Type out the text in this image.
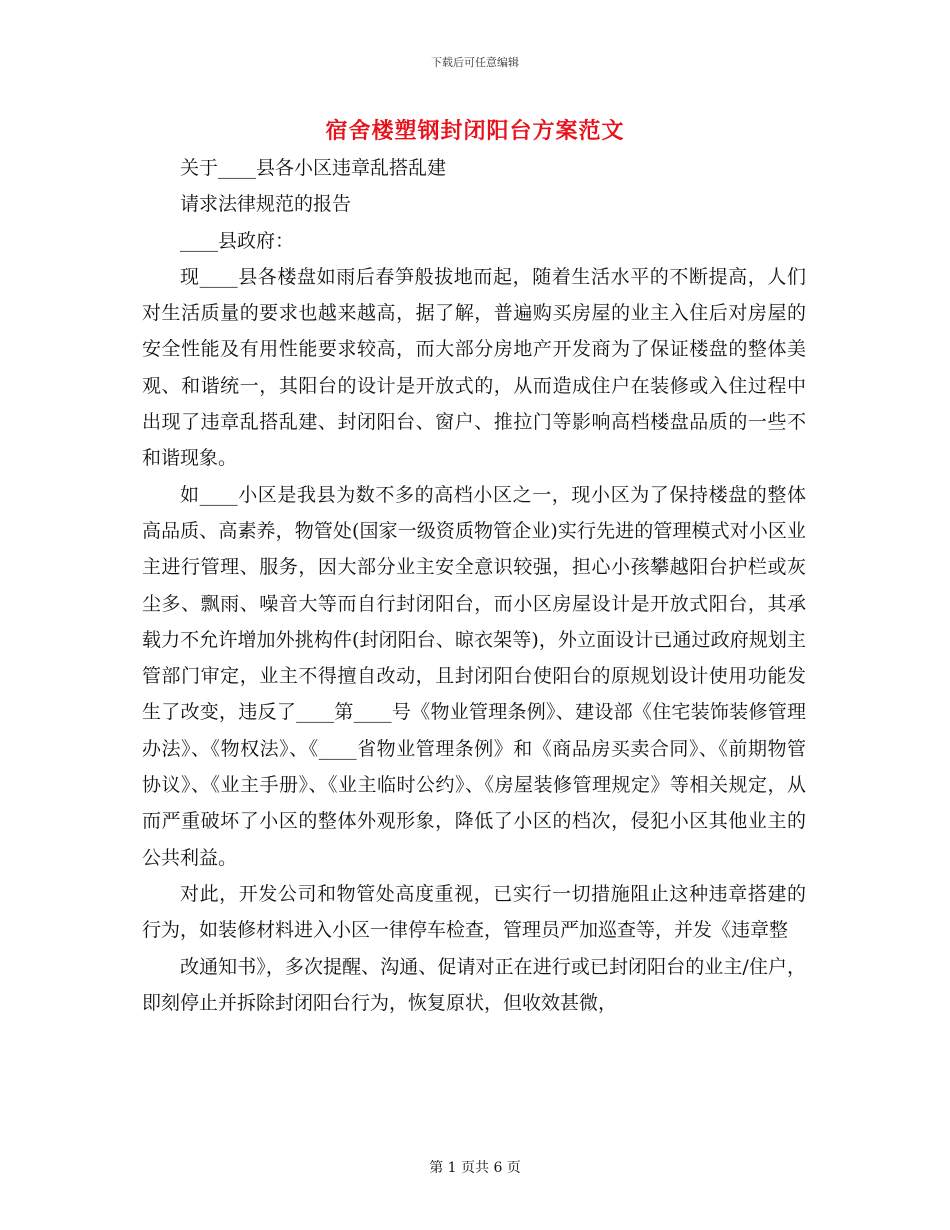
下载后可任意编辑
宿舍楼塑钢封闭阳台方案范文

关于____县各小区违章乱搭乱建

请求法律规范的报告

____县政府：

现____县各楼盘如雨后春笋般拔地而起，随着生活水平的不断提高，人们对生活质量的要求也越来越高，据了解，普遍购买房屋的业主入住后对房屋的安全性能及有用性能要求较高，而大部分房地产开发商为了保证楼盘的整体美观、和谐统一，其阳台的设计是开放式的，从而造成住户在装修或入住过程中出现了违章乱搭乱建、封闭阳台、窗户、推拉门等影响高档楼盘品质的一些不和谐现象。

如____小区是我县为数不多的高档小区之一，现小区为了保持楼盘的整体高品质、高素养，物管处(国家一级资质物管企业)实行先进的管理模式对小区业主进行管理、服务，因大部分业主安全意识较强，担心小孩攀越阳台护栏或灰尘多、飘雨、噪音大等而自行封闭阳台，而小区房屋设计是开放式阳台，其承载力不允许增加外挑构件(封闭阳台、晾衣架等)，外立面设计已通过政府规划主管部门审定，业主不得擅自改动，且封闭阳台使阳台的原规划设计使用功能发生了改变，违反了____第____号《物业管理条例》、建设部《住宅装饰装修管理办法》、《物权法》、《____省物业管理条例》和《商品房买卖合同》、《前期物管协议》、《业主手册》、《业主临时公约》、《房屋装修管理规定》等相关规定，从而严重破坏了小区的整体外观形象，降低了小区的档次，侵犯小区其他业主的公共利益。

对此，开发公司和物管处高度重视，已实行一切措施阻止这种违章搭建的行为，如装修材料进入小区一律停车检查，管理员严加巡查等，并发《违章整

改通知书》，多次提醒、沟通、促请对正在进行或已封闭阳台的业主/住户，即刻停止并拆除封闭阳台行为，恢复原状，但收效甚微，

第 1 页共 6 页
